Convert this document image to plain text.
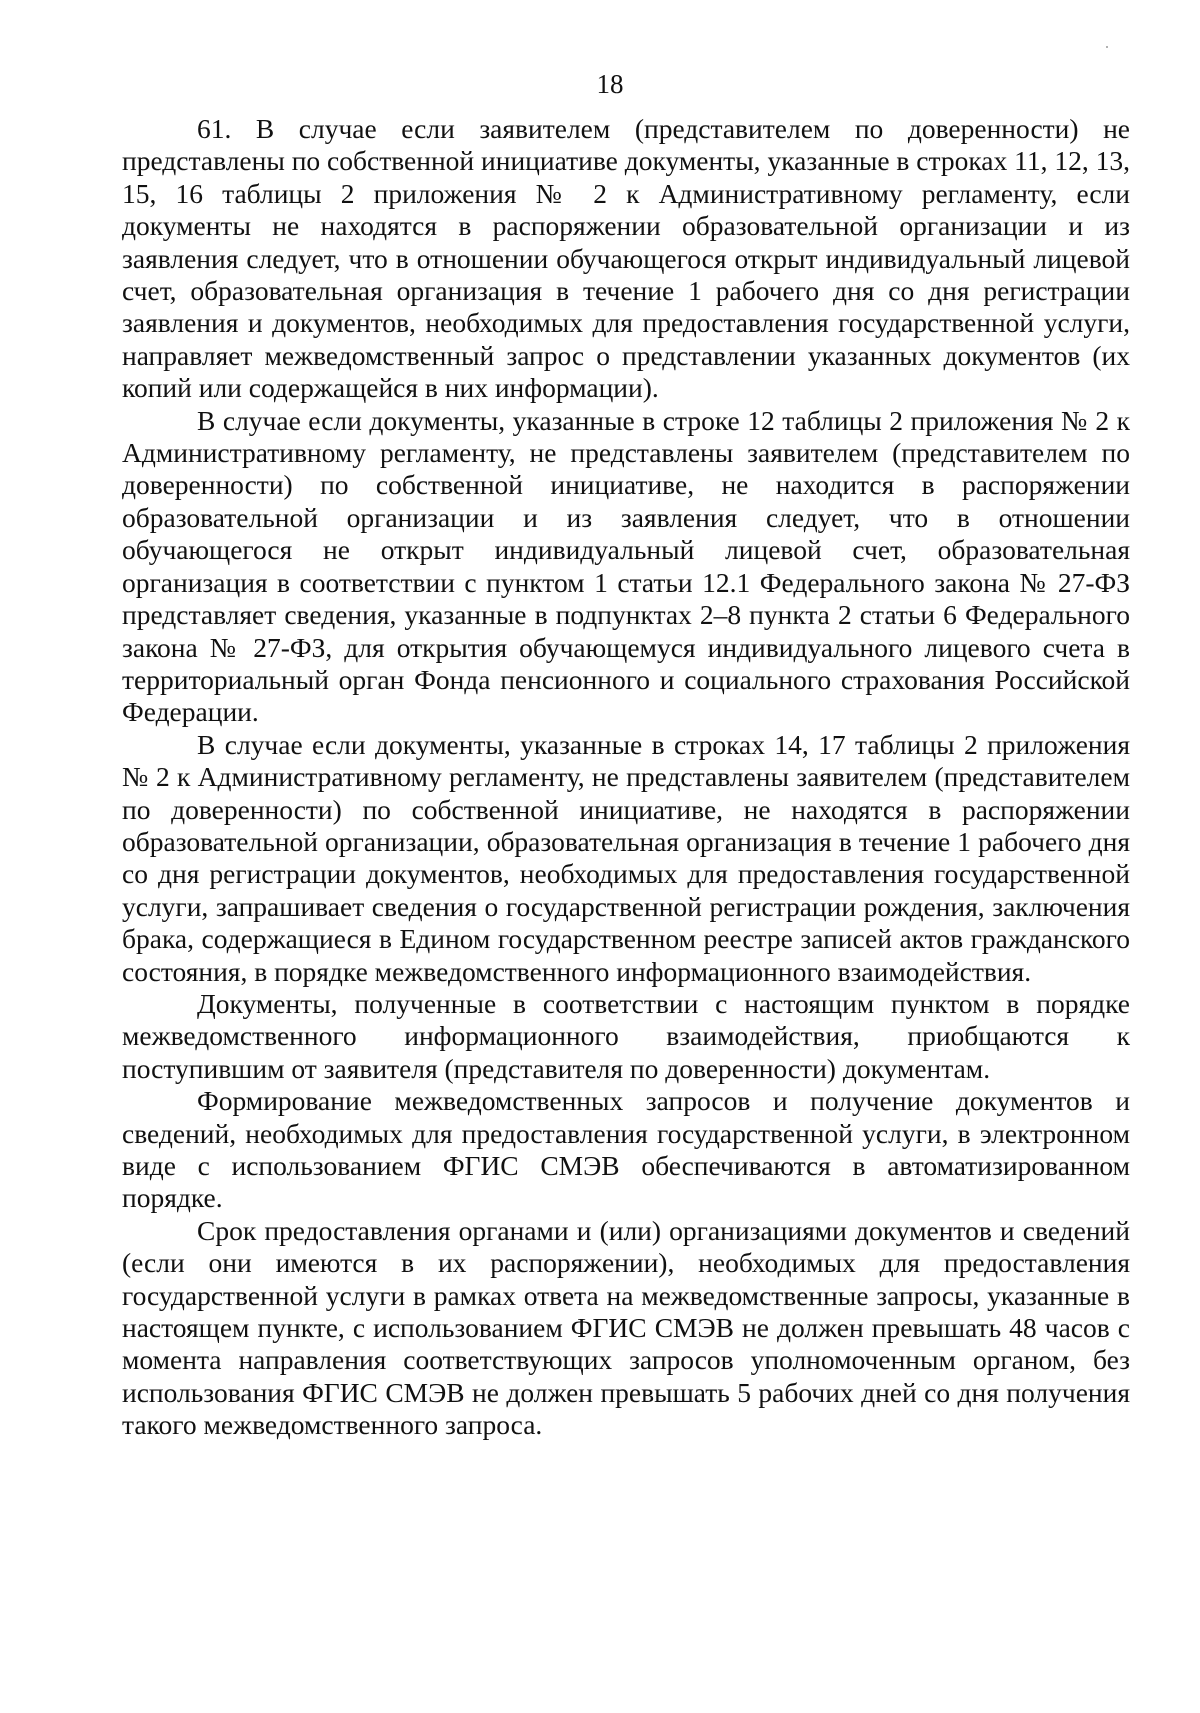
18

61. В случае если заявителем (представителем по доверенности) не представлены по собственной инициативе документы, указанные в строках 11, 12, 13, 15, 16 таблицы 2 приложения № 2 к Административному регламенту, если документы не находятся в распоряжении образовательной организации и из заявления следует, что в отношении обучающегося открыт индивидуальный лицевой счет, образовательная организация в течение 1 рабочего дня со дня регистрации заявления и документов, необходимых для предоставления государственной услуги, направляет межведомственный запрос о представлении указанных документов (их копий или содержащейся в них информации).

В случае если документы, указанные в строке 12 таблицы 2 приложения № 2 к Административному регламенту, не представлены заявителем (представителем по доверенности) по собственной инициативе, не находится в распоряжении образовательной организации и из заявления следует, что в отношении обучающегося не открыт индивидуальный лицевой счет, образовательная организация в соответствии с пунктом 1 статьи 12.1 Федерального закона № 27-ФЗ представляет сведения, указанные в подпунктах 2–8 пункта 2 статьи 6 Федерального закона № 27-ФЗ, для открытия обучающемуся индивидуального лицевого счета в территориальный орган Фонда пенсионного и социального страхования Российской Федерации.

В случае если документы, указанные в строках 14, 17 таблицы 2 приложения № 2 к Административному регламенту, не представлены заявителем (представителем по доверенности) по собственной инициативе, не находятся в распоряжении образовательной организации, образовательная организация в течение 1 рабочего дня со дня регистрации документов, необходимых для предоставления государственной услуги, запрашивает сведения о государственной регистрации рождения, заключения брака, содержащиеся в Едином государственном реестре записей актов гражданского состояния, в порядке межведомственного информационного взаимодействия.

Документы, полученные в соответствии с настоящим пунктом в порядке межведомственного информационного взаимодействия, приобщаются к поступившим от заявителя (представителя по доверенности) документам.

Формирование межведомственных запросов и получение документов и сведений, необходимых для предоставления государственной услуги, в электронном виде с использованием ФГИС СМЭВ обеспечиваются в автоматизированном порядке.

Срок предоставления органами и (или) организациями документов и сведений (если они имеются в их распоряжении), необходимых для предоставления государственной услуги в рамках ответа на межведомственные запросы, указанные в настоящем пункте, с использованием ФГИС СМЭВ не должен превышать 48 часов с момента направления соответствующих запросов уполномоченным органом, без использования ФГИС СМЭВ не должен превышать 5 рабочих дней со дня получения такого межведомственного запроса.
